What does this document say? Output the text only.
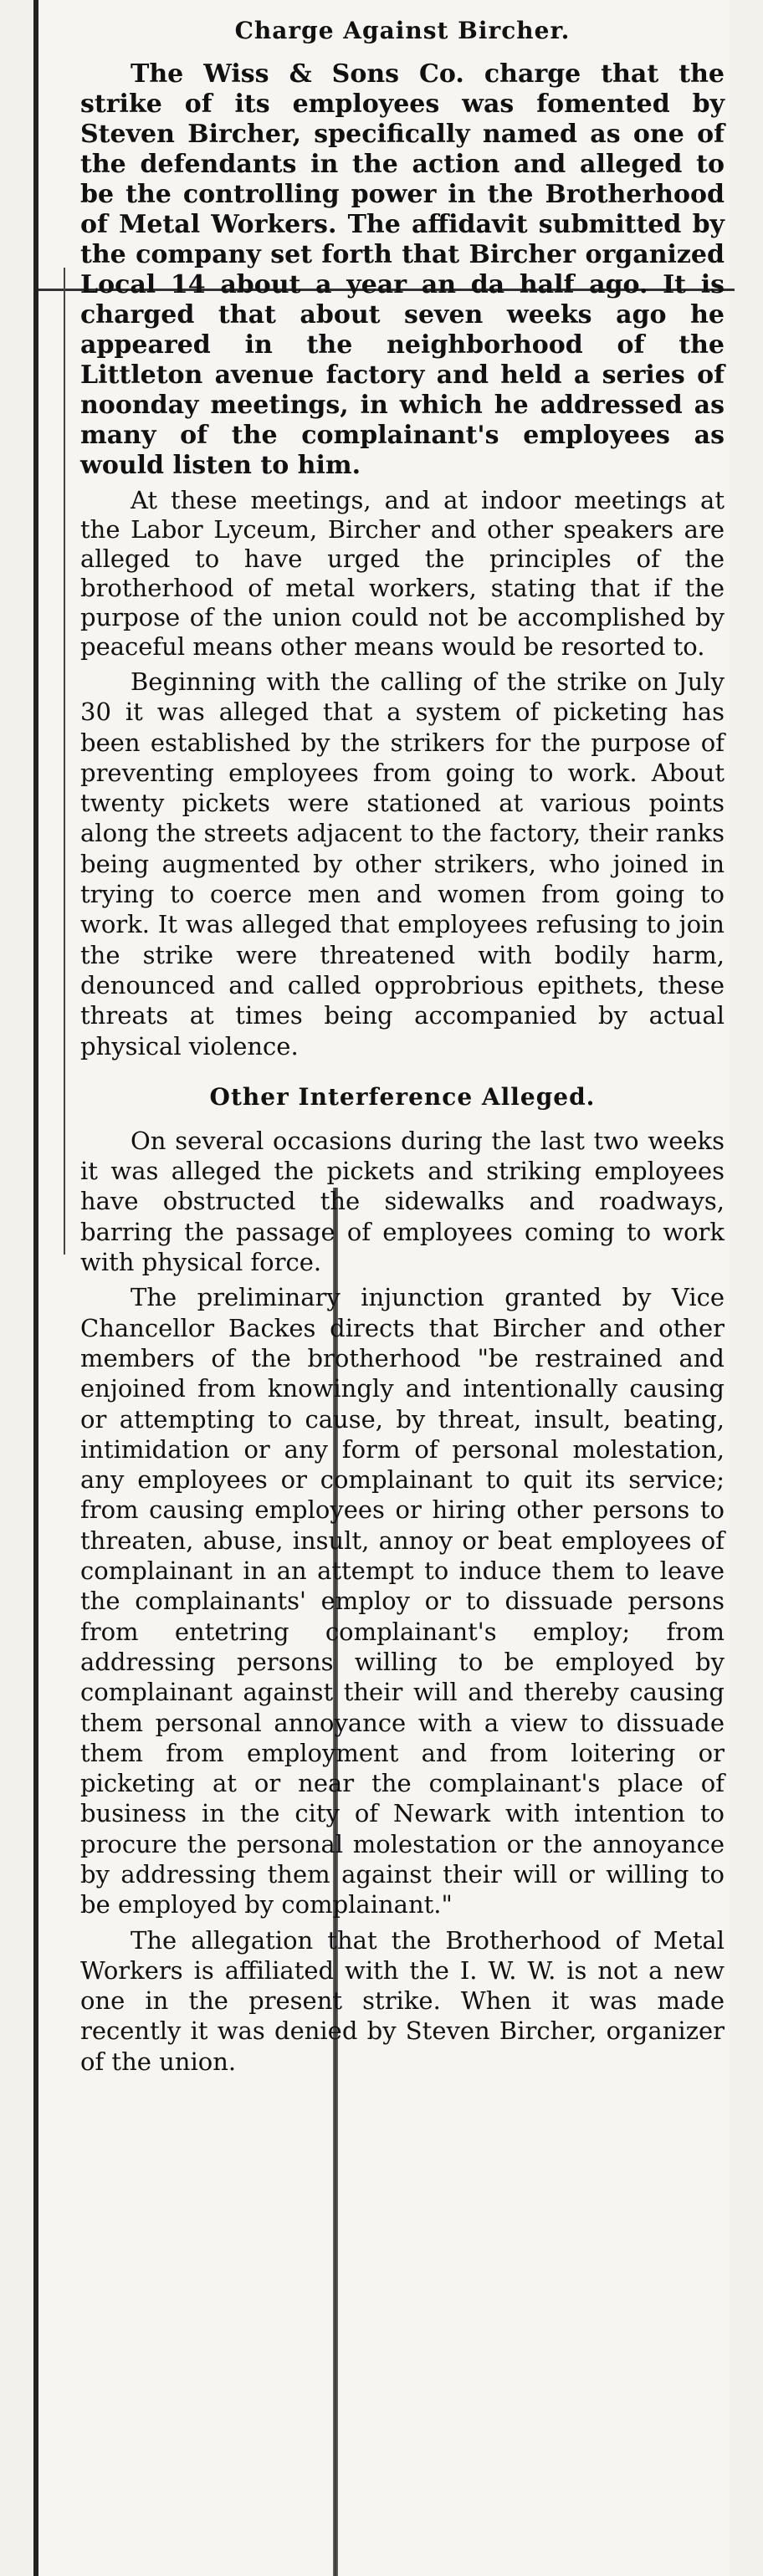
Charge Against Bircher.

The Wiss & Sons Co. charge that the strike of its employees was fomented by Steven Bircher, specifically named as one of the defendants in the action and alleged to be the controlling power in the Brotherhood of Metal Workers. The affidavit submitted by the company set forth that Bircher organized Local 14 about a year an da half ago. It is charged that about seven weeks ago he appeared in the neighborhood of the Littleton avenue factory and held a series of noonday meetings, in which he addressed as many of the complainant's employees as would listen to him.

At these meetings, and at indoor meetings at the Labor Lyceum, Bircher and other speakers are alleged to have urged the principles of the brotherhood of metal workers, stating that if the purpose of the union could not be accomplished by peaceful means other means would be resorted to.

Beginning with the calling of the strike on July 30 it was alleged that a system of picketing has been established by the strikers for the purpose of preventing employees from going to work. About twenty pickets were stationed at various points along the streets adjacent to the factory, their ranks being augmented by other strikers, who joined in trying to coerce men and women from going to work. It was alleged that employees refusing to join the strike were threatened with bodily harm, denounced and called opprobrious epithets, these threats at times being accompanied by actual physical violence.

Other Interference Alleged.

On several occasions during the last two weeks it was alleged the pickets and striking employees have obstructed the sidewalks and roadways, barring the passage of employees coming to work with physical force.

The preliminary injunction granted by Vice Chancellor Backes directs that Bircher and other members of the brotherhood "be restrained and enjoined from knowingly and intentionally causing or attempting to cause, by threat, insult, beating, intimidation or any form of personal molestation, any employees or complainant to quit its service; from causing employees or hiring other persons to threaten, abuse, insult, annoy or beat employees of complainant in an attempt to induce them to leave the complainants' employ or to dissuade persons from entetring complainant's employ; from addressing persons willing to be employed by complainant against their will and thereby causing them personal annoyance with a view to dissuade them from employment and from loitering or picketing at or near the complainant's place of business in the city of Newark with intention to procure the personal molestation or the annoyance by addressing them against their will or willing to be employed by complainant."

The allegation that the Brotherhood of Metal Workers is affiliated with the I. W. W. is not a new one in the present strike. When it was made recently it was denied by Steven Bircher, organizer of the union.
